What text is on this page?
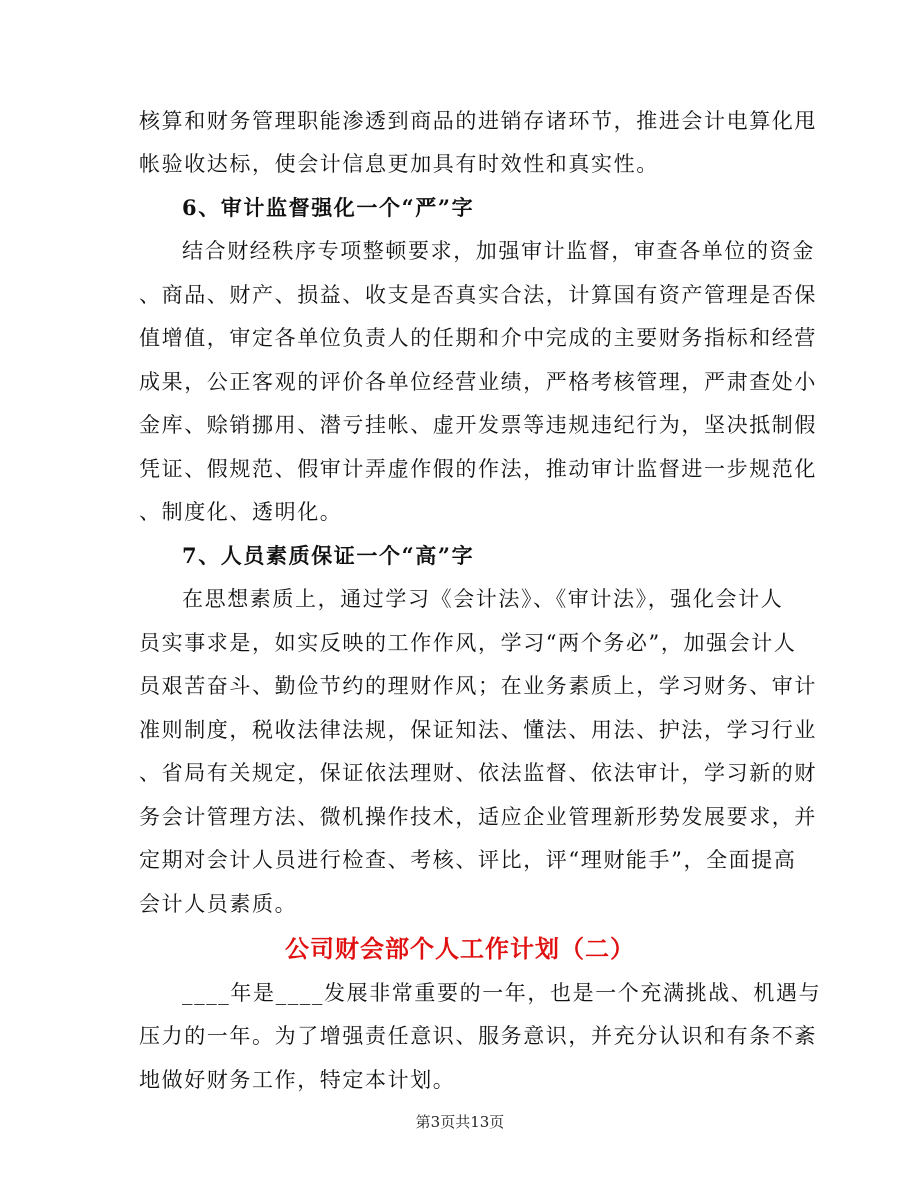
核算和财务管理职能渗透到商品的进销存诸环节，推进会计电算化甩
帐验收达标，使会计信息更加具有时效性和真实性。
6、审计监督强化一个“严”字
结合财经秩序专项整顿要求，加强审计监督，审查各单位的资金
、商品、财产、损益、收支是否真实合法，计算国有资产管理是否保
值增值，审定各单位负责人的任期和介中完成的主要财务指标和经营
成果，公正客观的评价各单位经营业绩，严格考核管理，严肃查处小
金库、赊销挪用、潜亏挂帐、虚开发票等违规违纪行为，坚决抵制假
凭证、假规范、假审计弄虚作假的作法，推动审计监督进一步规范化
、制度化、透明化。
7、人员素质保证一个“高”字
在思想素质上，通过学习《会计法》、《审计法》，强化会计人
员实事求是，如实反映的工作作风，学习“两个务必”，加强会计人
员艰苦奋斗、勤俭节约的理财作风；在业务素质上，学习财务、审计
准则制度，税收法律法规，保证知法、懂法、用法、护法，学习行业
、省局有关规定，保证依法理财、依法监督、依法审计，学习新的财
务会计管理方法、微机操作技术，适应企业管理新形势发展要求，并
定期对会计人员进行检查、考核、评比，评“理财能手”，全面提高
会计人员素质。
公司财会部个人工作计划（二）
____年是____发展非常重要的一年，也是一个充满挑战、机遇与
压力的一年。为了增强责任意识、服务意识，并充分认识和有条不紊
地做好财务工作，特定本计划。
第3页共13页
